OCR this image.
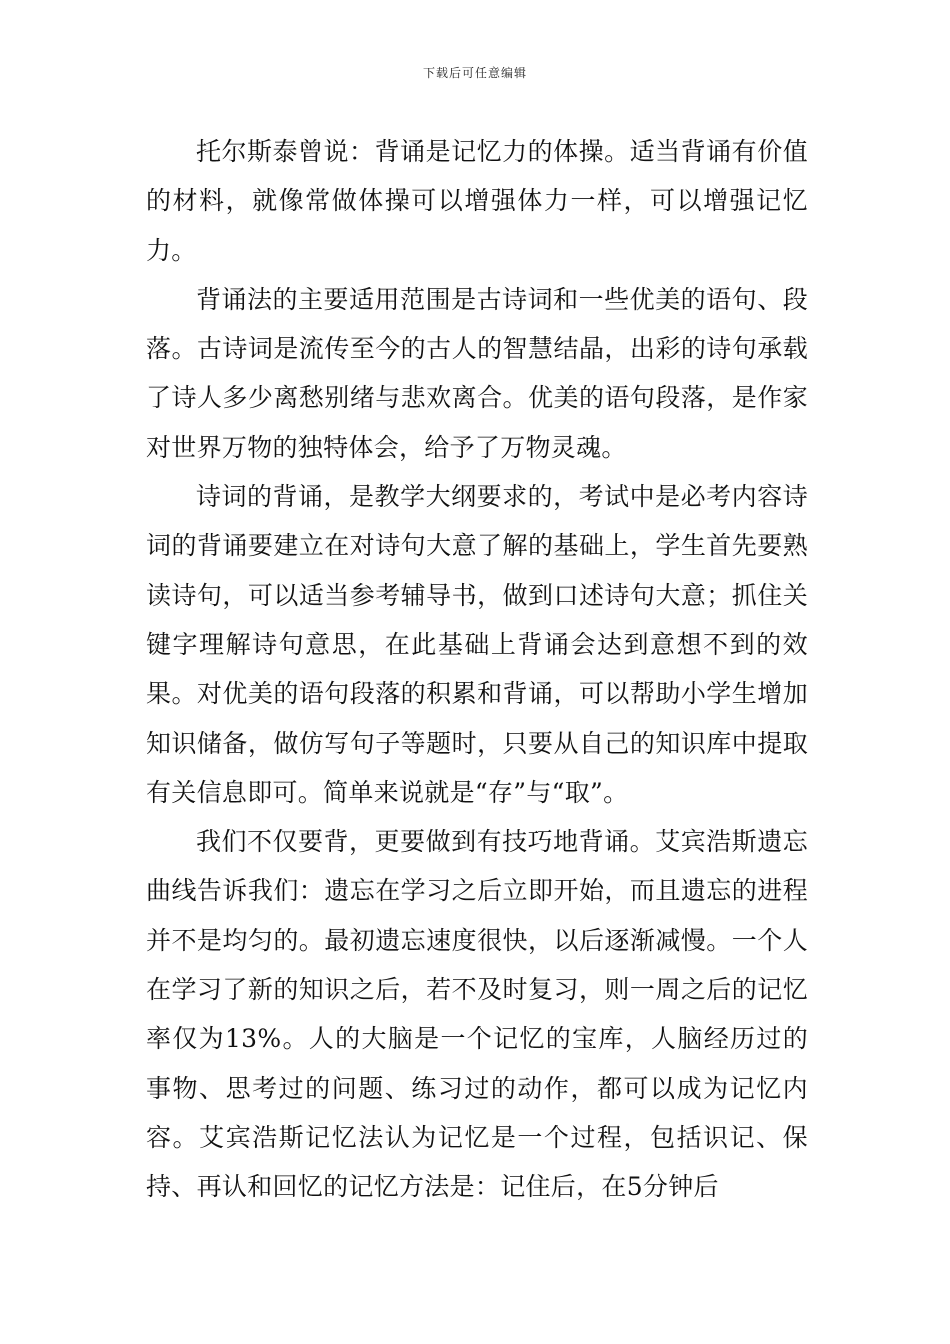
下载后可任意编辑

托尔斯泰曾说：背诵是记忆力的体操。适当背诵有价值的材料，就像常做体操可以增强体力一样，可以增强记忆力。

背诵法的主要适用范围是古诗词和一些优美的语句、段落。古诗词是流传至今的古人的智慧结晶，出彩的诗句承载了诗人多少离愁别绪与悲欢离合。优美的语句段落，是作家对世界万物的独特体会，给予了万物灵魂。

诗词的背诵，是教学大纲要求的，考试中是必考内容诗词的背诵要建立在对诗句大意了解的基础上，学生首先要熟读诗句，可以适当参考辅导书，做到口述诗句大意；抓住关键字理解诗句意思，在此基础上背诵会达到意想不到的效果。对优美的语句段落的积累和背诵，可以帮助小学生增加知识储备，做仿写句子等题时，只要从自己的知识库中提取有关信息即可。简单来说就是“存”与“取”。

我们不仅要背，更要做到有技巧地背诵。艾宾浩斯遗忘曲线告诉我们：遗忘在学习之后立即开始，而且遗忘的进程并不是均匀的。最初遗忘速度很快，以后逐渐减慢。一个人在学习了新的知识之后，若不及时复习，则一周之后的记忆率仅为13%。人的大脑是一个记忆的宝库，人脑经历过的事物、思考过的问题、练习过的动作，都可以成为记忆内容。艾宾浩斯记忆法认为记忆是一个过程，包括识记、保持、再认和回忆的记忆方法是：记住后，在5分钟后
